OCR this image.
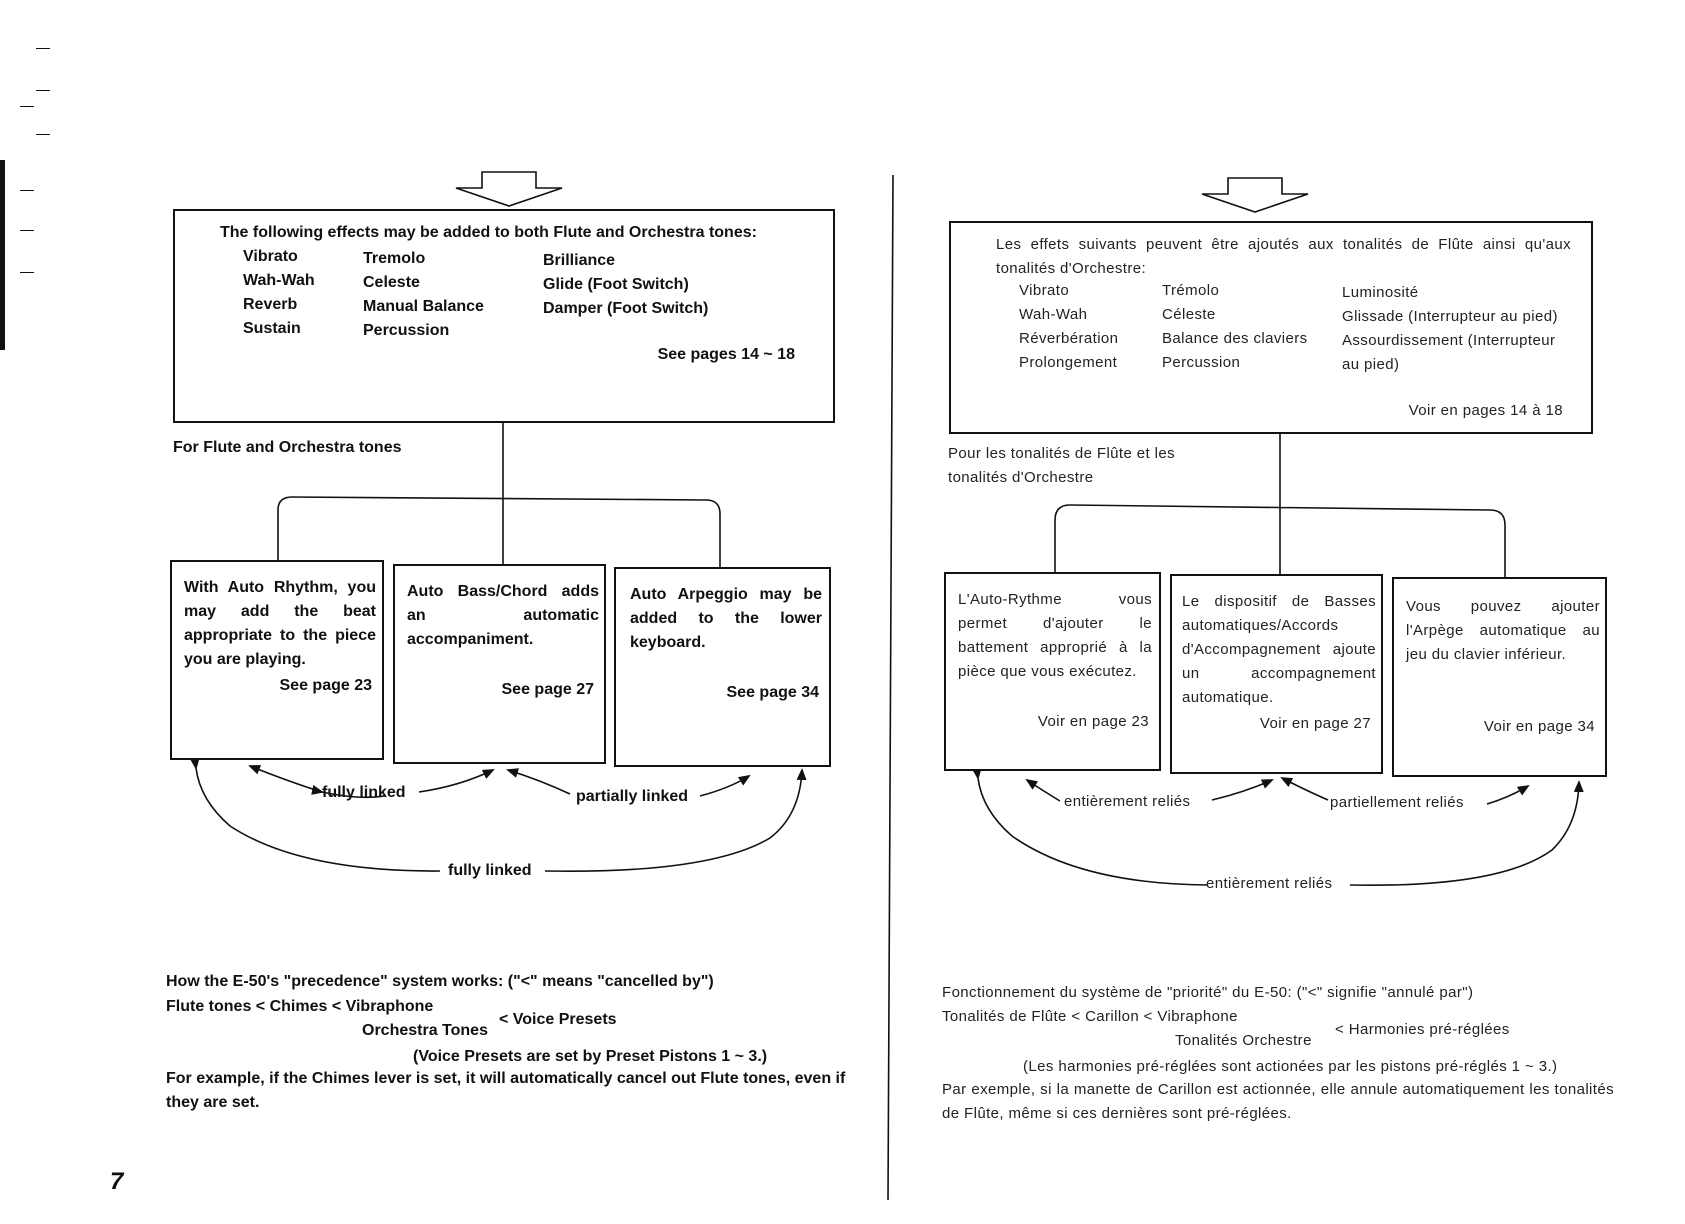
The following effects may be added to both Flute and Orchestra tones:
Vibrato
Wah-Wah
Reverb
Sustain
Tremolo
Celeste
Manual Balance
Percussion
Brilliance
Glide (Foot Switch)
Damper (Foot Switch)
See pages 14 ~ 18
For Flute and Orchestra tones
With Auto Rhythm, you may add the beat appropriate to the piece you are playing.
See page 23
Auto Bass/Chord adds an automatic accompaniment.
See page 27
Auto Arpeggio may be added to the lower keyboard.
See page 34
fully linked	partially linked
fully linked
How the E-50's "precedence" system works: ("<" means "cancelled by")
Flute tones < Chimes < Vibraphone
Orchestra Tones
< Voice Presets
(Voice Presets are set by Preset Pistons 1 ~ 3.)
For example, if the Chimes lever is set, it will automatically cancel out Flute tones, even if they are set.
7
Les effets suivants peuvent être ajoutés aux tonalités de Flûte ainsi qu'aux tonalités d'Orchestre:
Vibrato
Wah-Wah
Réverbération
Prolongement
Trémolo
Céleste
Balance des claviers
Percussion
Luminosité
Glissade (Interrupteur au pied)
Assourdissement (Interrupteur au pied)
Voir en pages 14 à 18
Pour les tonalités de Flûte et les tonalités d'Orchestre
L'Auto-Rythme vous permet d'ajouter le battement approprié à la pièce que vous exécutez.
Voir en page 23
Le dispositif de Basses automatiques/Accords d'Accompagnement ajoute un accompagnement automatique.
Voir en page 27
Vous pouvez ajouter l'Arpège automatique au jeu du clavier inférieur.
Voir en page 34
entièrement reliés	partiellement reliés
entièrement reliés
Fonctionnement du système de "priorité" du E-50: ("<" signifie "annulé par")
Tonalités de Flûte < Carillon < Vibraphone
Tonalités Orchestre
< Harmonies pré-réglées
(Les harmonies pré-réglées sont actionées par les pistons pré-réglés 1 ~ 3.)
Par exemple, si la manette de Carillon est actionnée, elle annule automatiquement les tonalités de Flûte, même si ces dernières sont pré-réglées.
